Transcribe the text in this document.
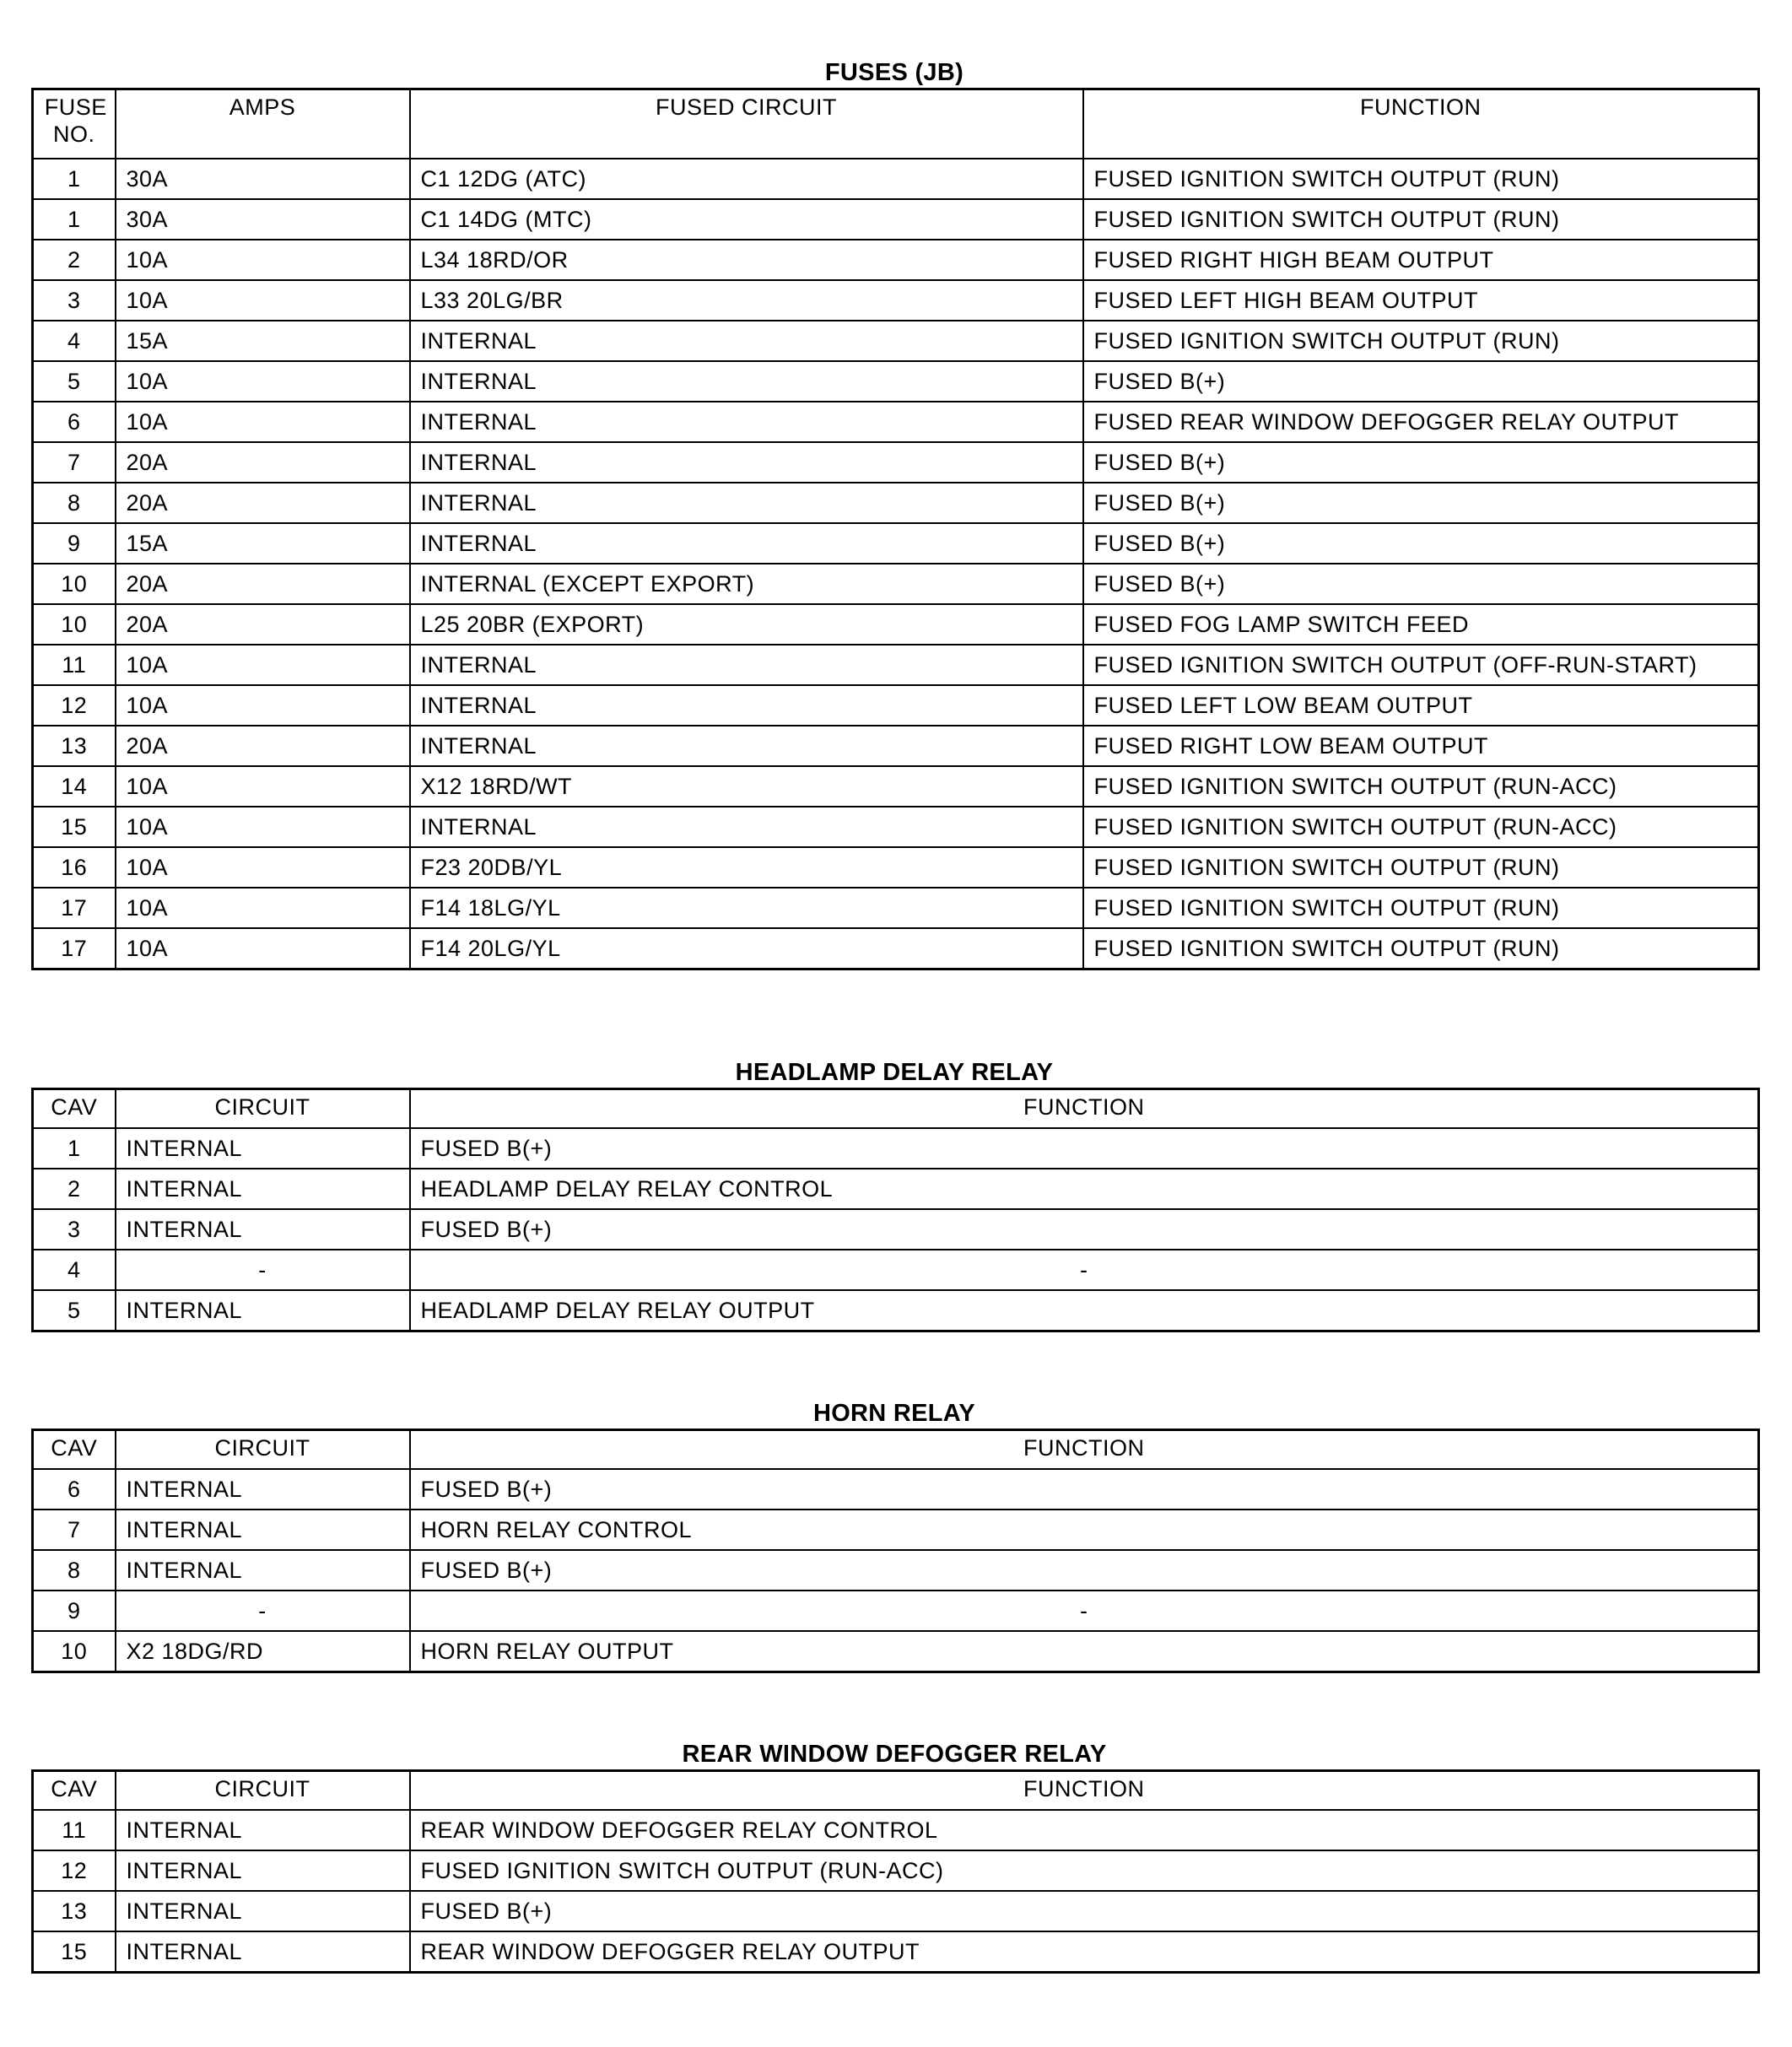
FUSES (JB)
FUSE NO.	AMPS	FUSED CIRCUIT	FUNCTION
1	30A	C1 12DG (ATC)	FUSED IGNITION SWITCH OUTPUT (RUN)
1	30A	C1 14DG (MTC)	FUSED IGNITION SWITCH OUTPUT (RUN)
2	10A	L34 18RD/OR	FUSED RIGHT HIGH BEAM OUTPUT
3	10A	L33 20LG/BR	FUSED LEFT HIGH BEAM OUTPUT
4	15A	INTERNAL	FUSED IGNITION SWITCH OUTPUT (RUN)
5	10A	INTERNAL	FUSED B(+)
6	10A	INTERNAL	FUSED REAR WINDOW DEFOGGER RELAY OUTPUT
7	20A	INTERNAL	FUSED B(+)
8	20A	INTERNAL	FUSED B(+)
9	15A	INTERNAL	FUSED B(+)
10	20A	INTERNAL (EXCEPT EXPORT)	FUSED B(+)
10	20A	L25 20BR (EXPORT)	FUSED FOG LAMP SWITCH FEED
11	10A	INTERNAL	FUSED IGNITION SWITCH OUTPUT (OFF-RUN-START)
12	10A	INTERNAL	FUSED LEFT LOW BEAM OUTPUT
13	20A	INTERNAL	FUSED RIGHT LOW BEAM OUTPUT
14	10A	X12 18RD/WT	FUSED IGNITION SWITCH OUTPUT (RUN-ACC)
15	10A	INTERNAL	FUSED IGNITION SWITCH OUTPUT (RUN-ACC)
16	10A	F23 20DB/YL	FUSED IGNITION SWITCH OUTPUT (RUN)
17	10A	F14 18LG/YL	FUSED IGNITION SWITCH OUTPUT (RUN)
17	10A	F14 20LG/YL	FUSED IGNITION SWITCH OUTPUT (RUN)
HEADLAMP DELAY RELAY
CAV	CIRCUIT	FUNCTION
1	INTERNAL	FUSED B(+)
2	INTERNAL	HEADLAMP DELAY RELAY CONTROL
3	INTERNAL	FUSED B(+)
4	-	-
5	INTERNAL	HEADLAMP DELAY RELAY OUTPUT
HORN RELAY
CAV	CIRCUIT	FUNCTION
6	INTERNAL	FUSED B(+)
7	INTERNAL	HORN RELAY CONTROL
8	INTERNAL	FUSED B(+)
9	-	-
10	X2 18DG/RD	HORN RELAY OUTPUT
REAR WINDOW DEFOGGER RELAY
CAV	CIRCUIT	FUNCTION
11	INTERNAL	REAR WINDOW DEFOGGER RELAY CONTROL
12	INTERNAL	FUSED IGNITION SWITCH OUTPUT (RUN-ACC)
13	INTERNAL	FUSED B(+)
15	INTERNAL	REAR WINDOW DEFOGGER RELAY OUTPUT
